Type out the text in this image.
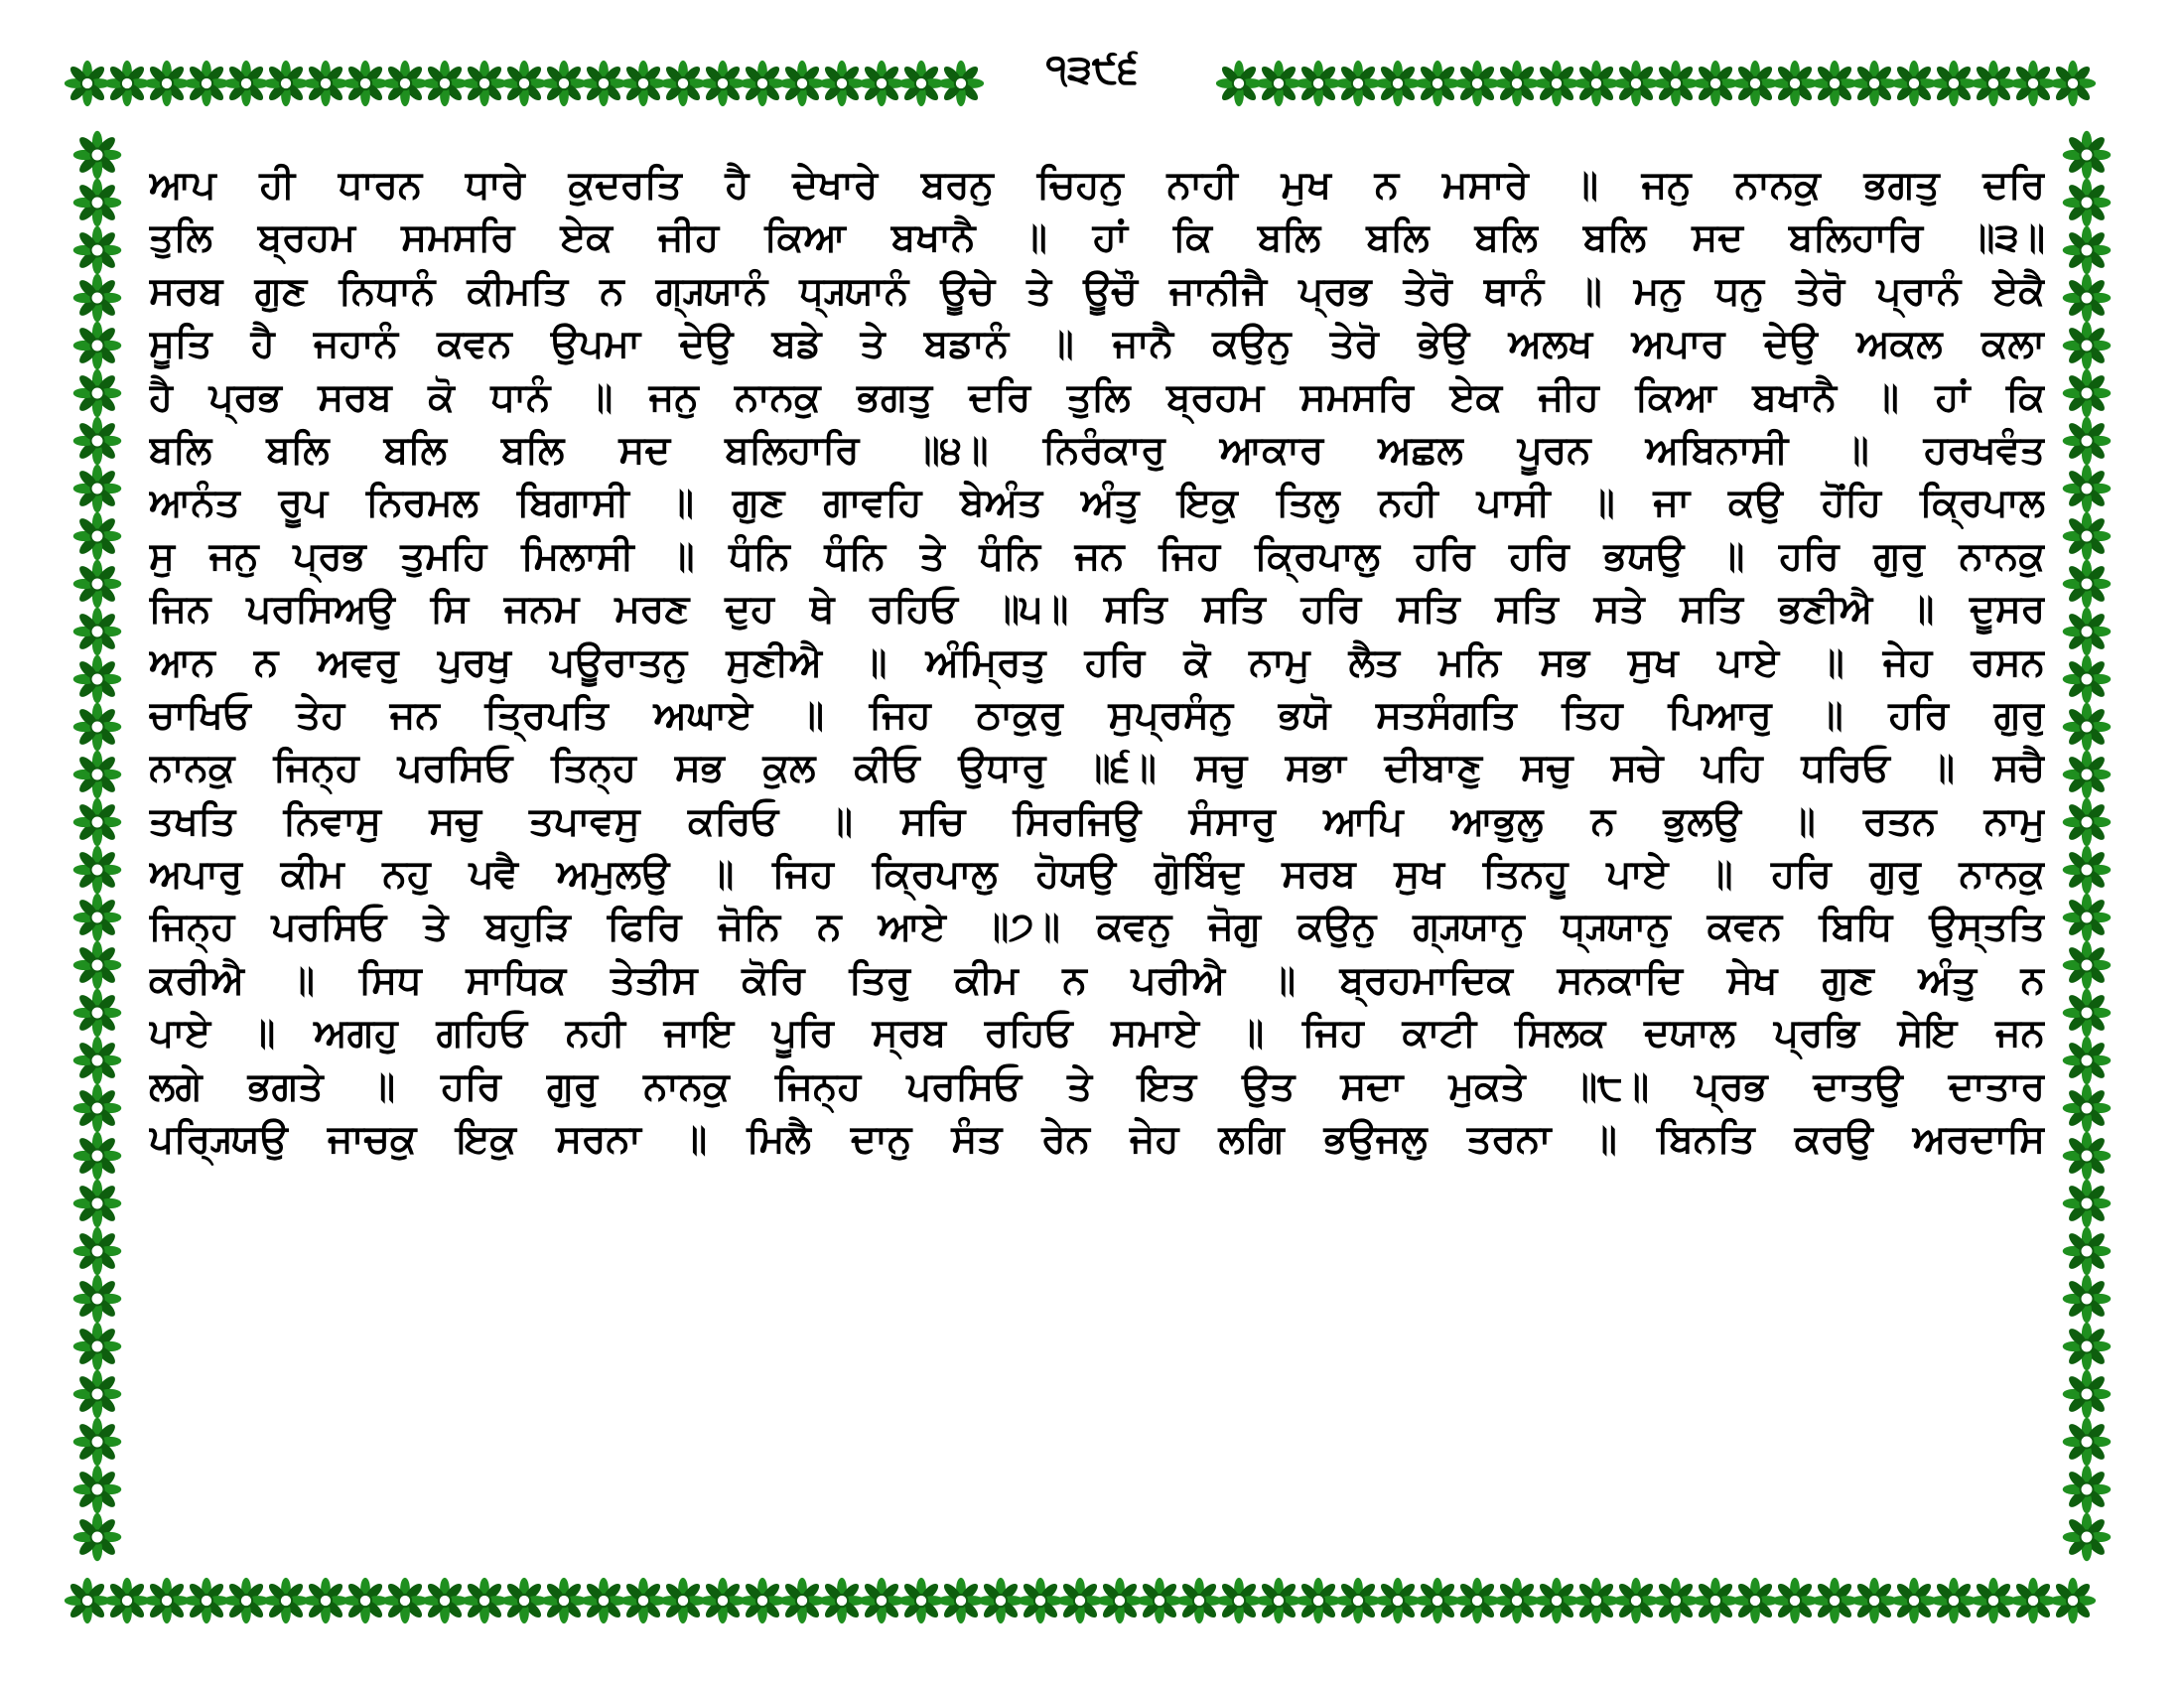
੧੩੯੬
ਆਪ ਹੀ ਧਾਰਨ ਧਾਰੇ ਕੁਦਰਤਿ ਹੈ ਦੇਖਾਰੇ ਬਰਨੁ ਚਿਹਨੁ ਨਾਹੀ ਮੁਖ ਨ ਮਸਾਰੇ ॥ ਜਨੁ ਨਾਨਕੁ ਭਗਤੁ ਦਰਿ
ਤੁਲਿ ਬ੍ਰਹਮ ਸਮਸਰਿ ਏਕ ਜੀਹ ਕਿਆ ਬਖਾਨੈ ॥ ਹਾਂ ਕਿ ਬਲਿ ਬਲਿ ਬਲਿ ਬਲਿ ਸਦ ਬਲਿਹਾਰਿ ॥੩॥
ਸਰਬ ਗੁਣ ਨਿਧਾਨੰ ਕੀਮਤਿ ਨ ਗ੍ਯ੍ਯਾਨੰ ਧ੍ਯ੍ਯਾਨੰ ਊਚੇ ਤੇ ਊਚੌ ਜਾਨੀਜੈ ਪ੍ਰਭ ਤੇਰੋ ਥਾਨੰ ॥ ਮਨੁ ਧਨੁ ਤੇਰੋ ਪ੍ਰਾਨੰ ਏਕੈ
ਸੂਤਿ ਹੈ ਜਹਾਨੰ ਕਵਨ ਉਪਮਾ ਦੇਉ ਬਡੇ ਤੇ ਬਡਾਨੰ ॥ ਜਾਨੈ ਕਉਨੁ ਤੇਰੋ ਭੇਉ ਅਲਖ ਅਪਾਰ ਦੇਉ ਅਕਲ ਕਲਾ
ਹੈ ਪ੍ਰਭ ਸਰਬ ਕੋ ਧਾਨੰ ॥ ਜਨੁ ਨਾਨਕੁ ਭਗਤੁ ਦਰਿ ਤੁਲਿ ਬ੍ਰਹਮ ਸਮਸਰਿ ਏਕ ਜੀਹ ਕਿਆ ਬਖਾਨੈ ॥ ਹਾਂ ਕਿ
ਬਲਿ ਬਲਿ ਬਲਿ ਬਲਿ ਸਦ ਬਲਿਹਾਰਿ ॥੪॥ ਨਿਰੰਕਾਰੁ ਆਕਾਰ ਅਛਲ ਪੂਰਨ ਅਬਿਨਾਸੀ ॥ ਹਰਖਵੰਤ
ਆਨੰਤ ਰੂਪ ਨਿਰਮਲ ਬਿਗਾਸੀ ॥ ਗੁਣ ਗਾਵਹਿ ਬੇਅੰਤ ਅੰਤੁ ਇਕੁ ਤਿਲੁ ਨਹੀ ਪਾਸੀ ॥ ਜਾ ਕਉ ਹੋਂਹਿ ਕ੍ਰਿਪਾਲ
ਸੁ ਜਨੁ ਪ੍ਰਭ ਤੁਮਹਿ ਮਿਲਾਸੀ ॥ ਧੰਨਿ ਧੰਨਿ ਤੇ ਧੰਨਿ ਜਨ ਜਿਹ ਕ੍ਰਿਪਾਲੁ ਹਰਿ ਹਰਿ ਭਯਉ ॥ ਹਰਿ ਗੁਰੁ ਨਾਨਕੁ
ਜਿਨ ਪਰਸਿਅਉ ਸਿ ਜਨਮ ਮਰਣ ਦੁਹ ਥੇ ਰਹਿਓ ॥੫॥ ਸਤਿ ਸਤਿ ਹਰਿ ਸਤਿ ਸਤਿ ਸਤੇ ਸਤਿ ਭਣੀਐ ॥ ਦੂਸਰ
ਆਨ ਨ ਅਵਰੁ ਪੁਰਖੁ ਪਊਰਾਤਨੁ ਸੁਣੀਐ ॥ ਅੰਮ੍ਰਿਤੁ ਹਰਿ ਕੋ ਨਾਮੁ ਲੈਤ ਮਨਿ ਸਭ ਸੁਖ ਪਾਏ ॥ ਜੇਹ ਰਸਨ
ਚਾਖਿਓ ਤੇਹ ਜਨ ਤ੍ਰਿਪਤਿ ਅਘਾਏ ॥ ਜਿਹ ਠਾਕੁਰੁ ਸੁਪ੍ਰਸੰਨੁ ਭਯੋ ਸਤਸੰਗਤਿ ਤਿਹ ਪਿਆਰੁ ॥ ਹਰਿ ਗੁਰੁ
ਨਾਨਕੁ ਜਿਨ੍ਹ ਪਰਸਿਓ ਤਿਨ੍ਹ ਸਭ ਕੁਲ ਕੀਓ ਉਧਾਰੁ ॥੬॥ ਸਚੁ ਸਭਾ ਦੀਬਾਣੁ ਸਚੁ ਸਚੇ ਪਹਿ ਧਰਿਓ ॥ ਸਚੈ
ਤਖਤਿ ਨਿਵਾਸੁ ਸਚੁ ਤਪਾਵਸੁ ਕਰਿਓ ॥ ਸਚਿ ਸਿਰਜਿਉ ਸੰਸਾਰੁ ਆਪਿ ਆਭੁਲੁ ਨ ਭੁਲਉ ॥ ਰਤਨ ਨਾਮੁ
ਅਪਾਰੁ ਕੀਮ ਨਹੁ ਪਵੈ ਅਮੁਲਉ ॥ ਜਿਹ ਕ੍ਰਿਪਾਲੁ ਹੋਯਉ ਗੋੁਬਿੰਦੁ ਸਰਬ ਸੁਖ ਤਿਨਹੂ ਪਾਏ ॥ ਹਰਿ ਗੁਰੁ ਨਾਨਕੁ
ਜਿਨ੍ਹ ਪਰਸਿਓ ਤੇ ਬਹੁੜਿ ਫਿਰਿ ਜੋਨਿ ਨ ਆਏ ॥੭॥ ਕਵਨੁ ਜੋਗੁ ਕਉਨੁ ਗ੍ਯ੍ਯਾਨੁ ਧ੍ਯ੍ਯਾਨੁ ਕਵਨ ਬਿਧਿ ਉਸ੍ਤਤਿ
ਕਰੀਐ ॥ ਸਿਧ ਸਾਧਿਕ ਤੇਤੀਸ ਕੋਰਿ ਤਿਰੁ ਕੀਮ ਨ ਪਰੀਐ ॥ ਬ੍ਰਹਮਾਦਿਕ ਸਨਕਾਦਿ ਸੇਖ ਗੁਣ ਅੰਤੁ ਨ
ਪਾਏ ॥ ਅਗਹੁ ਗਹਿਓ ਨਹੀ ਜਾਇ ਪੂਰਿ ਸ੍ਰਬ ਰਹਿਓ ਸਮਾਏ ॥ ਜਿਹ ਕਾਟੀ ਸਿਲਕ ਦਯਾਲ ਪ੍ਰਭਿ ਸੇਇ ਜਨ
ਲਗੇ ਭਗਤੇ ॥ ਹਰਿ ਗੁਰੁ ਨਾਨਕੁ ਜਿਨ੍ਹ ਪਰਸਿਓ ਤੇ ਇਤ ਉਤ ਸਦਾ ਮੁਕਤੇ ॥੮॥ ਪ੍ਰਭ ਦਾਤਉ ਦਾਤਾਰ
ਪਰ੍ਯ੍ਯਿਉ ਜਾਚਕੁ ਇਕੁ ਸਰਨਾ ॥ ਮਿਲੈ ਦਾਨੁ ਸੰਤ ਰੇਨ ਜੇਹ ਲਗਿ ਭਉਜਲੁ ਤਰਨਾ ॥ ਬਿਨਤਿ ਕਰਉ ਅਰਦਾਸਿ
